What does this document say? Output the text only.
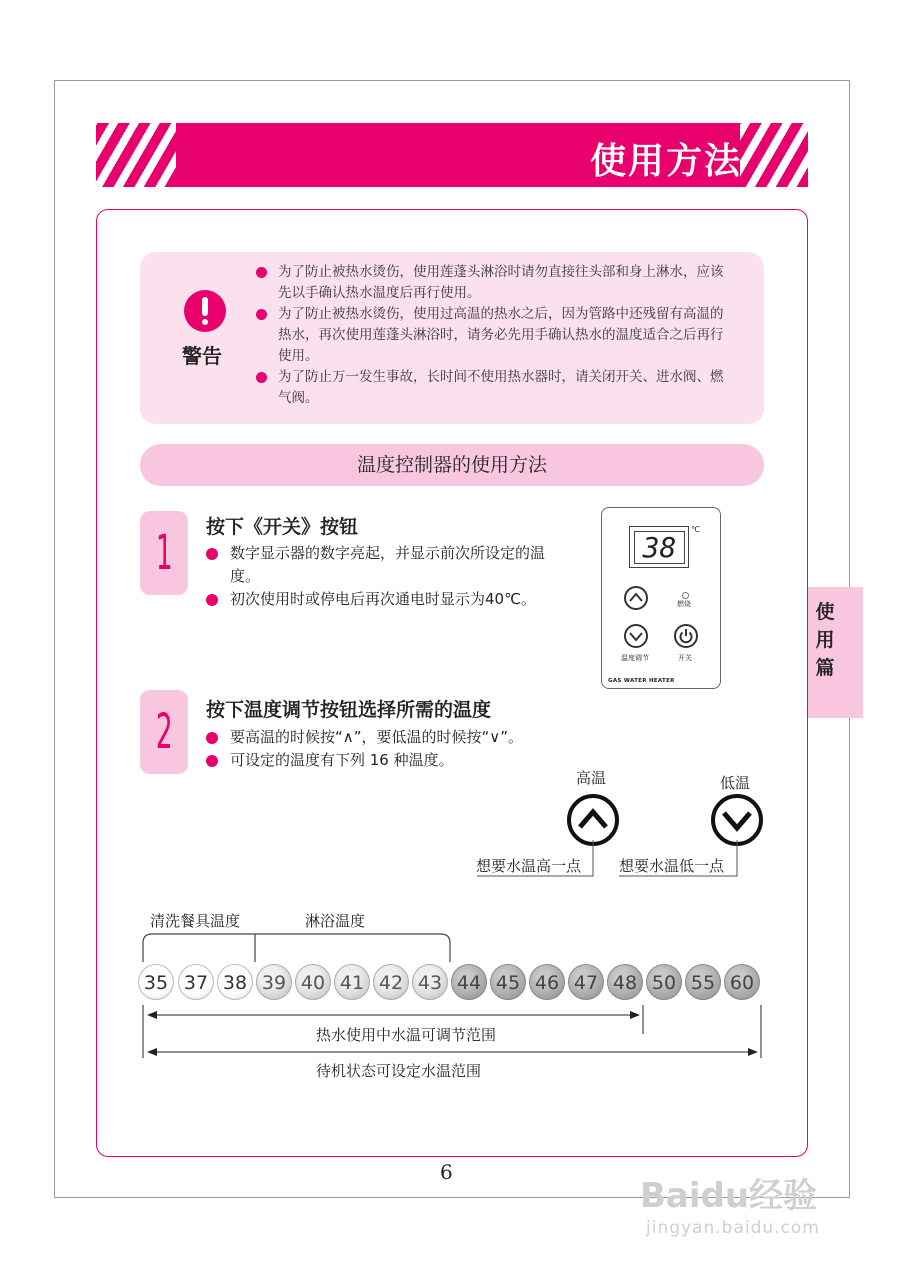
使用方法
警告
为了防止被热水烫伤，使用莲蓬头淋浴时请勿直接往头部和身上淋水，应该先以手确认热水温度后再行使用。
为了防止被热水烫伤，使用过高温的热水之后，因为管路中还残留有高温的热水，再次使用莲蓬头淋浴时，请务必先用手确认热水的温度适合之后再行使用。
为了防止万一发生事故，长时间不使用热水器时，请关闭开关、进水阀、燃气阀。
温度控制器的使用方法
1	按下《开关》按钮
数字显示器的数字亮起，并显示前次所设定的温度。
初次使用时或停电后再次通电时显示为40℃。
38
℃
燃烧
温度调节	开关
GAS WATER HEATER
使
用
篇
2	按下温度调节按钮选择所需的温度
要高温的时候按“∧”，要低温的时候按“∨”。
可设定的温度有下列 16 种温度。
高温	低温
想要水温高一点	想要水温低一点
清洗餐具温度	淋浴温度
35 37 38 39 40 41 42 43 44 45 46 47 48 50 55 60
热水使用中水温可调节范围
待机状态可设定水温范围
6
Baidu经验
jingyan.baidu.com
